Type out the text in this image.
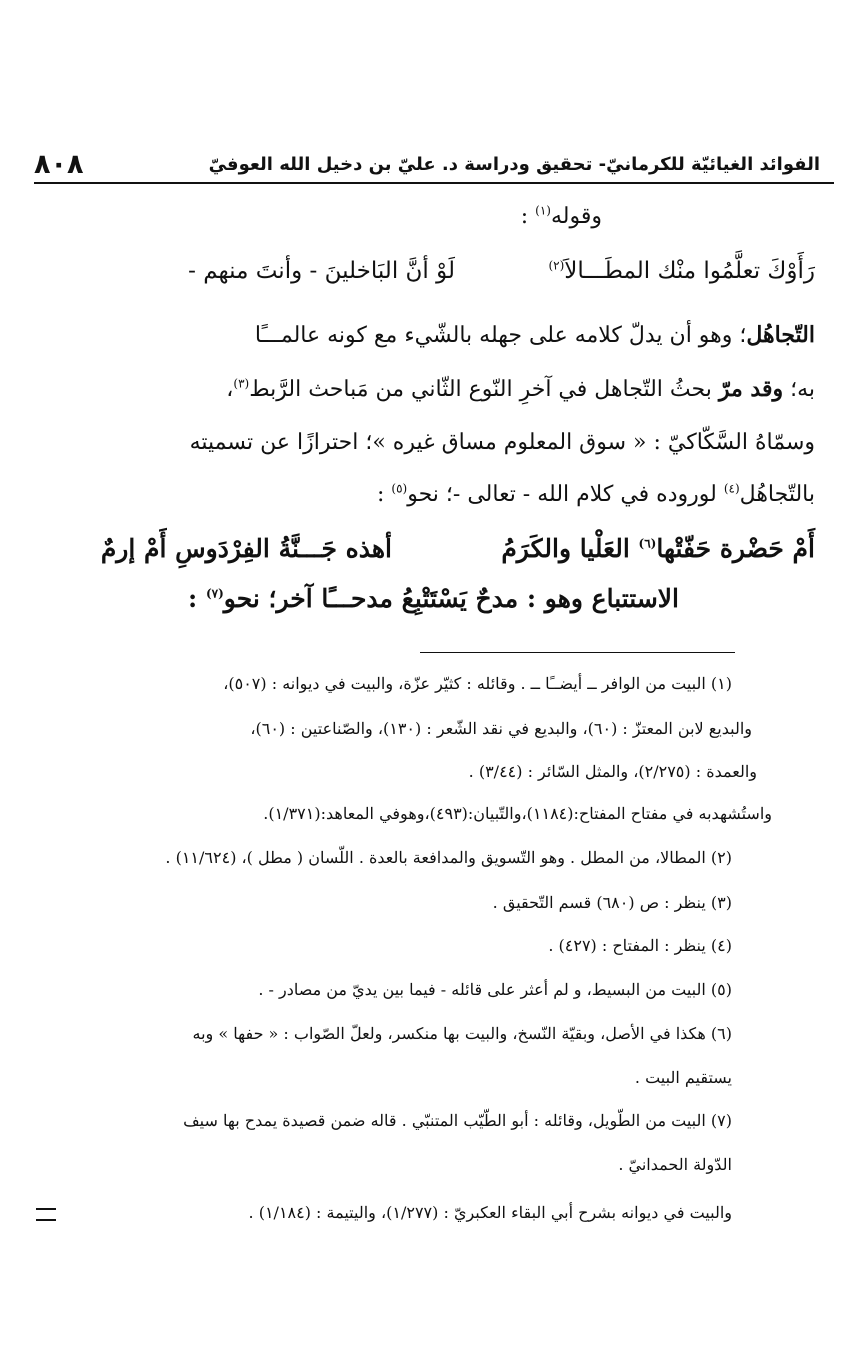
٨٠٨	الفوائد الغيائيّة للكرمانيّ- تحقيق ودراسة د. عليّ بن دخيل الله العوفيّ
وقوله$^{(١)}$ :
لَوْ أنَّ البَاخلينَ - وأنتَ منهم -	رَأَوْكَ تعلَّمُوا منْك المطَـــالاَ$^{(٢)}$
التّجاهُل؛ وهو أن يدلّ كلامه على جهله بالشّيء مع كونه عالمـــًا
به؛ وقد مرّ بحثُ التّجاهل في آخرِ النّوع الثّاني من مَباحث الرَّبط$^{(٣)}$،
وسمّاهُ السَّكّاكيّ : « سوق المعلوم مساق غيره »؛ احترازًا عن تسميته
بالتّجاهُل$^{(٤)}$ لوروده في كلام الله - تعالى -؛ نحو$^{(٥)}$ :
أهذه جَـــنَّةُ الفِرْدَوسِ أَمْ إرمٌ	أَمْ حَضْرة حَفّتْها$^{(٦)}$ العَلْيا والكَرَمُ
الاستتباع وهو : مدحٌ يَسْتَتْبِعُ مدحـــًا آخر؛ نحو$^{(٧)}$ :
(١) البيت من الوافر ــ أيضــًا ــ . وقائله : كثيّر عزّة، والبيت في ديوانه : (٥٠٧)،
والبديع لابن المعتزّ : (٦٠)، والبديع في نقد الشّعر : (١٣٠)، والصّناعتين : (٦٠)،
والعمدة : (٢/٢٧٥)، والمثل السّائر : (٣/٤٤) .
واستُشهدبه في مفتاح المفتاح:(١١٨٤)،والتّبيان:(٤٩٣)،وهوفي المعاهد:(١/٣٧١).
(٢) المطالا، من المطل . وهو التّسويق والمدافعة بالعدة . اللّسان ( مطل )، (١١/٦٢٤) .
(٣) ينظر : ص (٦٨٠) قسم التّحقيق .
(٤) ينظر : المفتاح : (٤٢٧) .
(٥) البيت من البسيط، و لم أعثر على قائله - فيما بين يديّ من مصادر - .
(٦) هكذا في الأصل، وبقيّة النّسخ، والبيت بها منكسر، ولعلّ الصّواب : « حفها » وبه
يستقيم البيت .
(٧) البيت من الطّويل، وقائله : أبو الطّيّب المتنبّي . قاله ضمن قصيدة يمدح بها سيف
الدّولة الحمدانيّ .
والبيت في ديوانه بشرح أبي البقاء العكبريّ : (١/٢٧٧)، واليتيمة : (١/١٨٤) .
